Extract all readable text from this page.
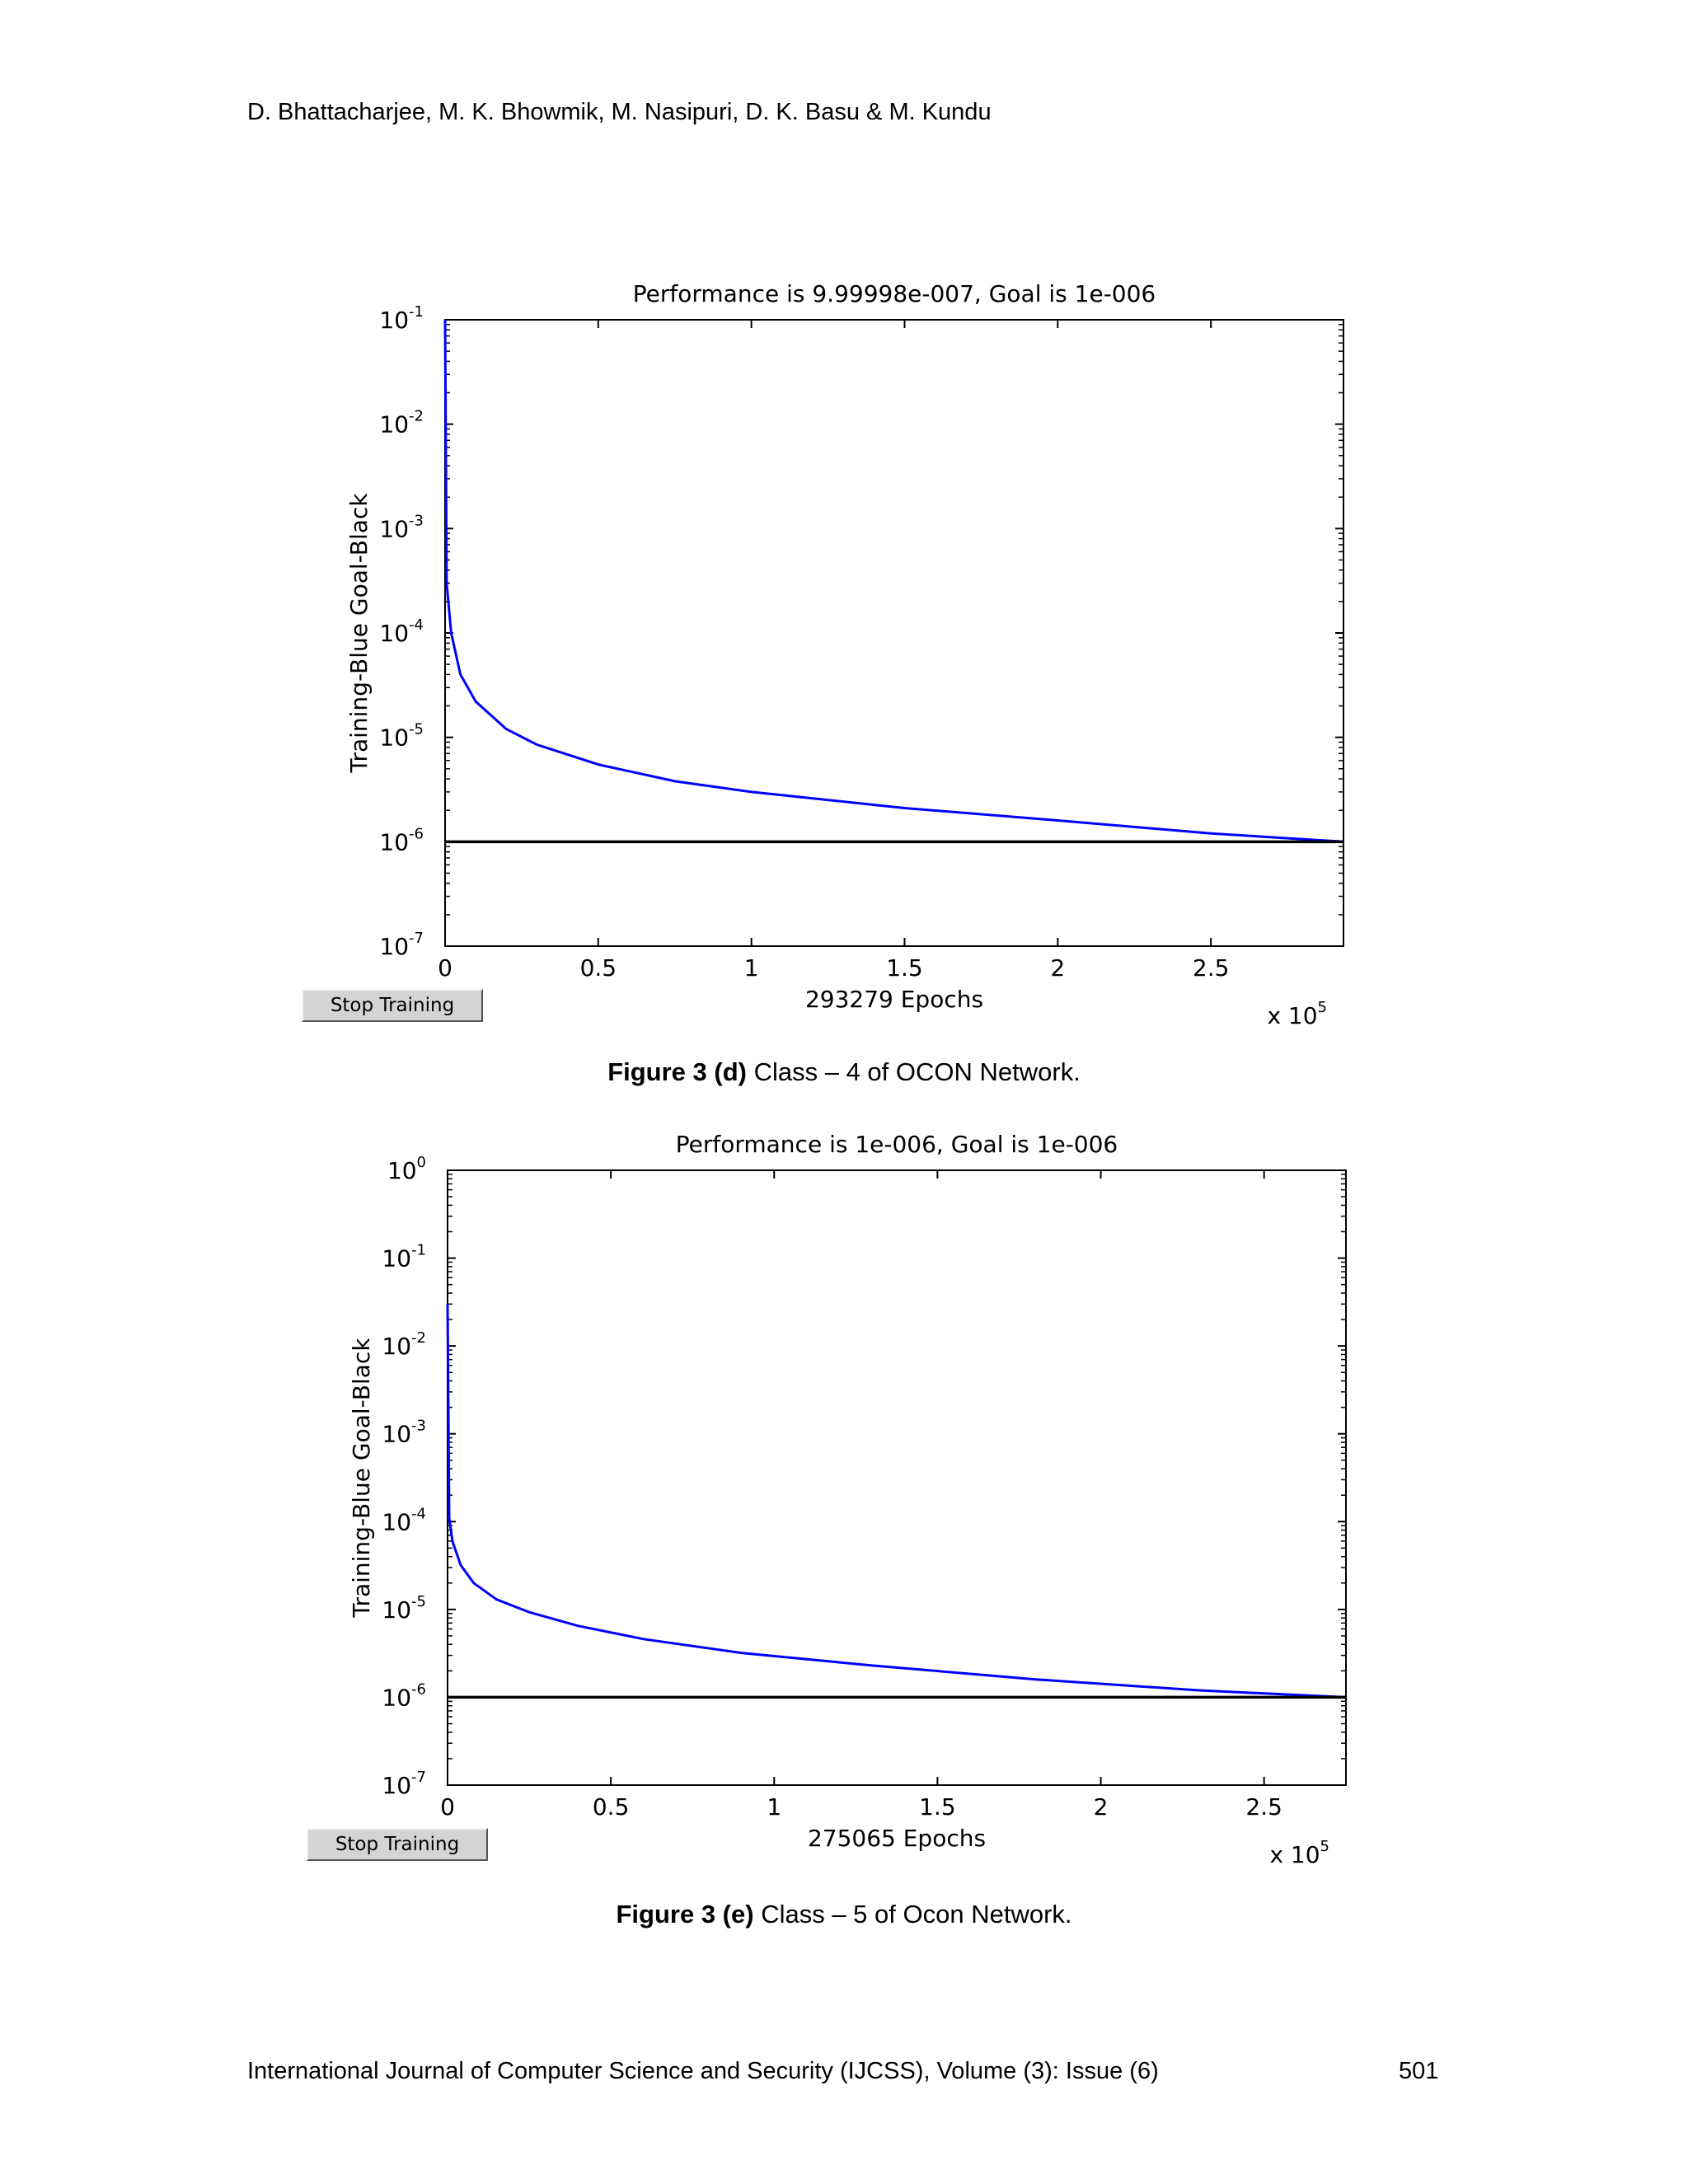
D. Bhattacharjee, M. K. Bhowmik, M. Nasipuri, D. K. Basu & M. Kundu
Performance is 9.99998e-007, Goal is 1e-006
$10^{-1}$
$10^{-2}$
$10^{-3}$
$10^{-4}$
$10^{-5}$
$10^{-6}$
$10^{-7}$
0	0.5	1	1.5	2	2.5
293279 Epochs
x $10^5$
Training-Blue Goal-Black
Stop Training
Figure 3 (d) Class – 4 of OCON Network.
Performance is 1e-006, Goal is 1e-006
$10^0$
$10^{-1}$
$10^{-2}$
$10^{-3}$
$10^{-4}$
$10^{-5}$
$10^{-6}$
$10^{-7}$
0	0.5	1	1.5	2	2.5
275065 Epochs
x $10^5$
Training-Blue Goal-Black
Stop Training
Figure 3 (e) Class – 5 of Ocon Network.
International Journal of Computer Science and Security (IJCSS), Volume (3): Issue (6)	501
